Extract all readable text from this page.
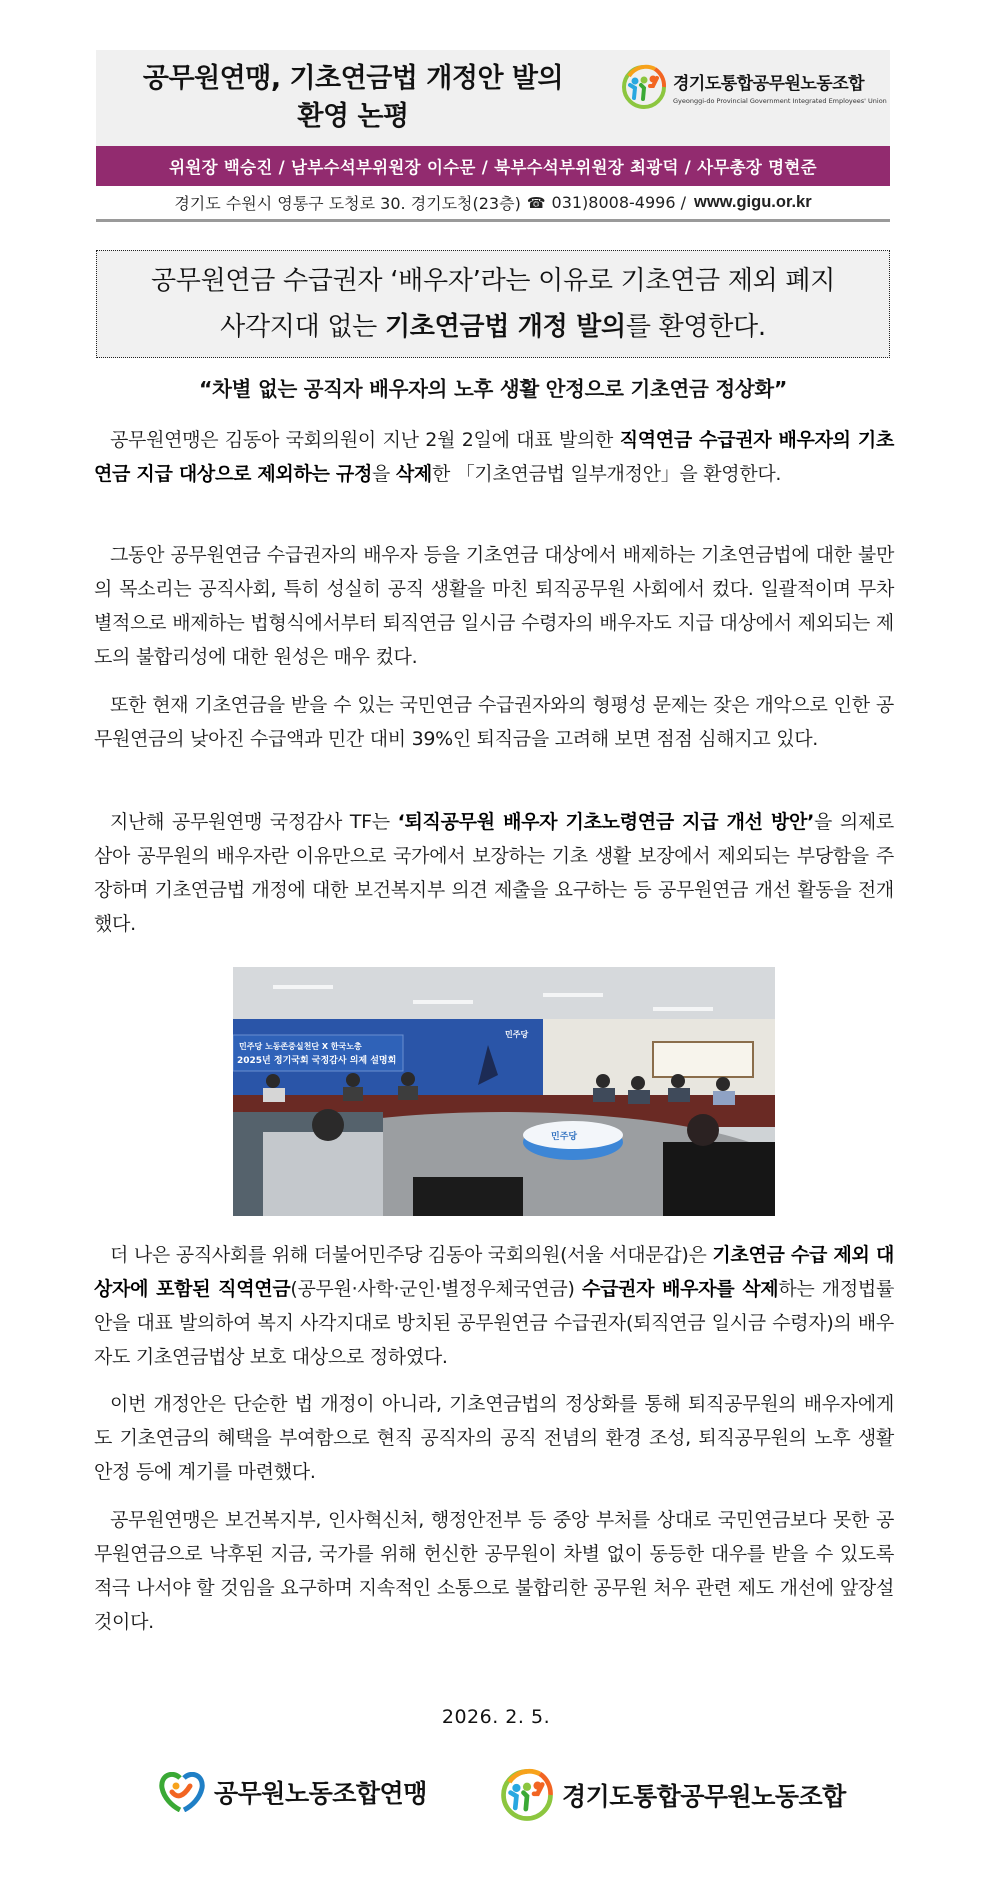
공무원연맹, 기초연금법 개정안 발의
환영 논평
경기도통합공무원노동조합
Gyeonggi-do Provincial Government Integrated Employees' Union
위원장 백승진 / 남부수석부위원장 이수문 / 북부수석부위원장 최광덕 / 사무총장 명현준
경기도 수원시 영통구 도청로 30. 경기도청(23층) ☎ 031)8008-4996 / www.gigu.or.kr
공무원연금 수급권자 ‘배우자’라는 이유로 기초연금 제외 폐지
사각지대 없는 기초연금법 개정 발의를 환영한다.
“차별 없는 공직자 배우자의 노후 생활 안정으로 기초연금 정상화”

공무원연맹은 김동아 국회의원이 지난 2월 2일에 대표 발의한 직역연금 수급권자 배우자의 기초연금 지급 대상으로 제외하는 규정을 삭제한 「기초연금법 일부개정안」을 환영한다.

그동안 공무원연금 수급권자의 배우자 등을 기초연금 대상에서 배제하는 기초연금법에 대한 불만의 목소리는 공직사회, 특히 성실히 공직 생활을 마친 퇴직공무원 사회에서 컸다. 일괄적이며 무차별적으로 배제하는 법형식에서부터 퇴직연금 일시금 수령자의 배우자도 지급 대상에서 제외되는 제도의 불합리성에 대한 원성은 매우 컸다.

또한 현재 기초연금을 받을 수 있는 국민연금 수급권자와의 형평성 문제는 잦은 개악으로 인한 공무원연금의 낮아진 수급액과 민간 대비 39%인 퇴직금을 고려해 보면 점점 심해지고 있다.

지난해 공무원연맹 국정감사 TF는 ‘퇴직공무원 배우자 기초노령연금 지급 개선 방안’을 의제로 삼아 공무원의 배우자란 이유만으로 국가에서 보장하는 기초 생활 보장에서 제외되는 부당함을 주장하며 기초연금법 개정에 대한 보건복지부 의견 제출을 요구하는 등 공무원연금 개선 활동을 전개했다.

민주당 노동존중실천단 X 한국노총
2025년 정기국회 국정감사 의제 설명회
민주당
민주당

더 나은 공직사회를 위해 더불어민주당 김동아 국회의원(서울 서대문갑)은 기초연금 수급 제외 대상자에 포함된 직역연금(공무원·사학·군인·별정우체국연금) 수급권자 배우자를 삭제하는 개정법률안을 대표 발의하여 복지 사각지대로 방치된 공무원연금 수급권자(퇴직연금 일시금 수령자)의 배우자도 기초연금법상 보호 대상으로 정하였다.

이번 개정안은 단순한 법 개정이 아니라, 기초연금법의 정상화를 통해 퇴직공무원의 배우자에게도 기초연금의 혜택을 부여함으로 현직 공직자의 공직 전념의 환경 조성, 퇴직공무원의 노후 생활 안정 등에 계기를 마련했다.

공무원연맹은 보건복지부, 인사혁신처, 행정안전부 등 중앙 부처를 상대로 국민연금보다 못한 공무원연금으로 낙후된 지금, 국가를 위해 헌신한 공무원이 차별 없이 동등한 대우를 받을 수 있도록 적극 나서야 할 것임을 요구하며 지속적인 소통으로 불합리한 공무원 처우 관련 제도 개선에 앞장설 것이다.

2026. 2. 5.
공무원노동조합연맹	경기도통합공무원노동조합
